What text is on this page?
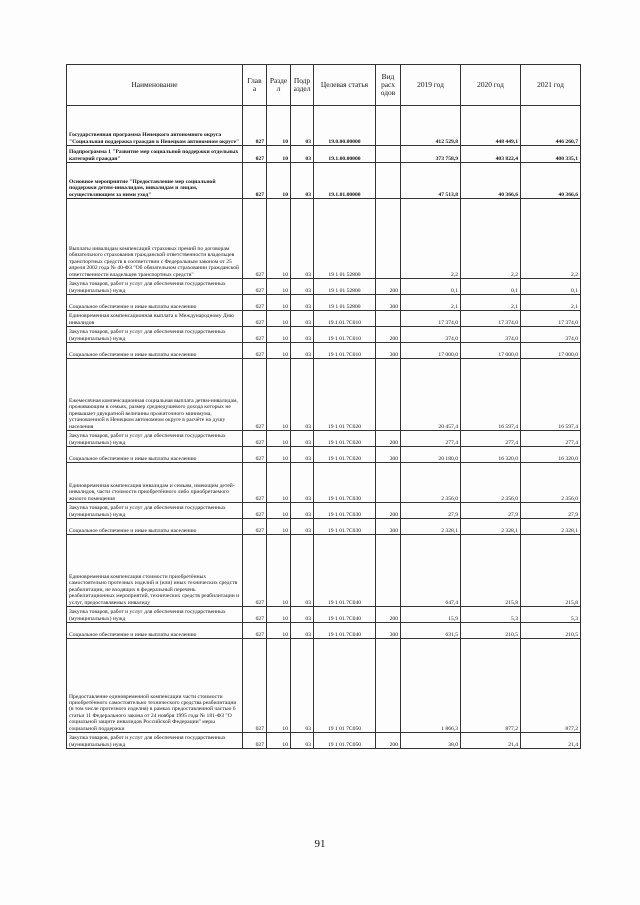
Наименование	Глав а	Разде л	Подр аздел	Целевая статья	Вид расх одов	2019 год	2020 год	2021 год
Государственная программа Ненецкого автономного округа "Социальная поддержка граждан в Ненецком автономном округе"	027	10	03	19.0.00.00000		412 529,8	448 449,1	446 260,7
Подпрограмма 1 "Развитие мер социальной поддержки отдельных категорий граждан"	027	10	03	19.1.00.00000		373 758,9	403 822,4	400 335,1
Основное мероприятие "Предоставление мер социальной поддержки детям-инвалидам, инвалидам и лицам, осуществляющим за ними уход"	027	10	03	19.1.01.00000		47 513,8	40 366,6	40 366,6
Выплаты инвалидам компенсаций страховых премий по договорам обязательного страхования гражданской ответственности владельцев транспортных средств в соответствии с Федеральным законом от 25 апреля 2002 года № 40-ФЗ "Об обязательном страховании гражданской ответственности владельцев транспортных средств"	027	10	03	19 1 01 52800		2,2	2,2	2,2
Закупка товаров, работ и услуг для обеспечения государственных (муниципальных) нужд	027	10	03	19 1 01 52800	200	0,1	0,1	0,1
Социальное обеспечение и иные выплаты населению	027	10	03	19 1 01 52800	300	2,1	2,1	2,1
Единовременная компенсационная выплата к Международному Дню инвалидов	027	10	03	19.1.01.7С010		17 374,0	17 374,0	17 374,0
Закупка товаров, работ и услуг для обеспечения государственных (муниципальных) нужд	027	10	03	19 1 01.7С010	200	374,0	374,0	374,0
Социальное обеспечение и иные выплаты населению	027	10	03	19 1 01.7С010	300	17 000,0	17 000,0	17 000,0
Ежемесячная компенсационная социальная выплата детям-инвалидам, проживающим в семьях, размер среднедушевого дохода которых не превышает двукратной величины прожиточного минимума, установленной в Ненецком автономном округе в расчёте на душу населения	027	10	03	19 1 01 7С020		20 457,4	16 597,4	16 597,4
Закупка товаров, работ и услуг для обеспечения государственных (муниципальных) нужд	027	10	03	19 1 01.7С020	200	277,4	277,4	277,4
Социальное обеспечение и иные выплаты населению	027	10	03	19 1 01.7С020	300	20 180,0	16 320,0	16 320,0
Единовременная компенсация инвалидам и семьям, имеющим детей-инвалидов, части стоимости приобретённого либо приобретаемого жилого помещения	027	10	03	19 1 01.7С030		2 356,0	2 356,0	2 356,0
Закупка товаров, работ и услуг для обеспечения государственных (муниципальных) нужд	027	10	03	19 1 01.7С030	200	27,9	27,9	27,9
Социальное обеспечение и иные выплаты населению	027	10	03	19 1 01.7С030	300	2 328,1	2 328,1	2 328,1
Единовременная компенсация стоимости приобретённых самостоятельно протезных изделий и (или) иных технических средств реабилитации, не входящих в федеральный перечень реабилитационных мероприятий, технических средств реабилитации и услуг, предоставляемых инвалиду	027	10	03	19 1 01.7С040		647,4	215,8	215,8
Закупка товаров, работ и услуг для обеспечения государственных (муниципальных) нужд	027	10	03	19 1 01.7С040	200	15,9	5,3	5,3
Социальное обеспечение и иные выплаты населению	027	10	03	19 1 01.7С040	300	631,5	210,5	210,5
Предоставление единовременной компенсации части стоимости приобретённого самостоятельно технического средства реабилитации (в том числе протезного изделия) в рамках предоставленной частью 6 статьи 11 Федерального закона от 24 ноября 1995 года № 181-ФЗ "О социальной защите инвалидов Российской Федерации" меры социальной поддержки	027	10	03	19 1 01 7С050		1 866,3	877,2	877,2
Закупка товаров, работ и услуг для обеспечения государственных (муниципальных) нужд	027	10	03	19 1 01.7С050	200	38,0	21,4	21,4
91
